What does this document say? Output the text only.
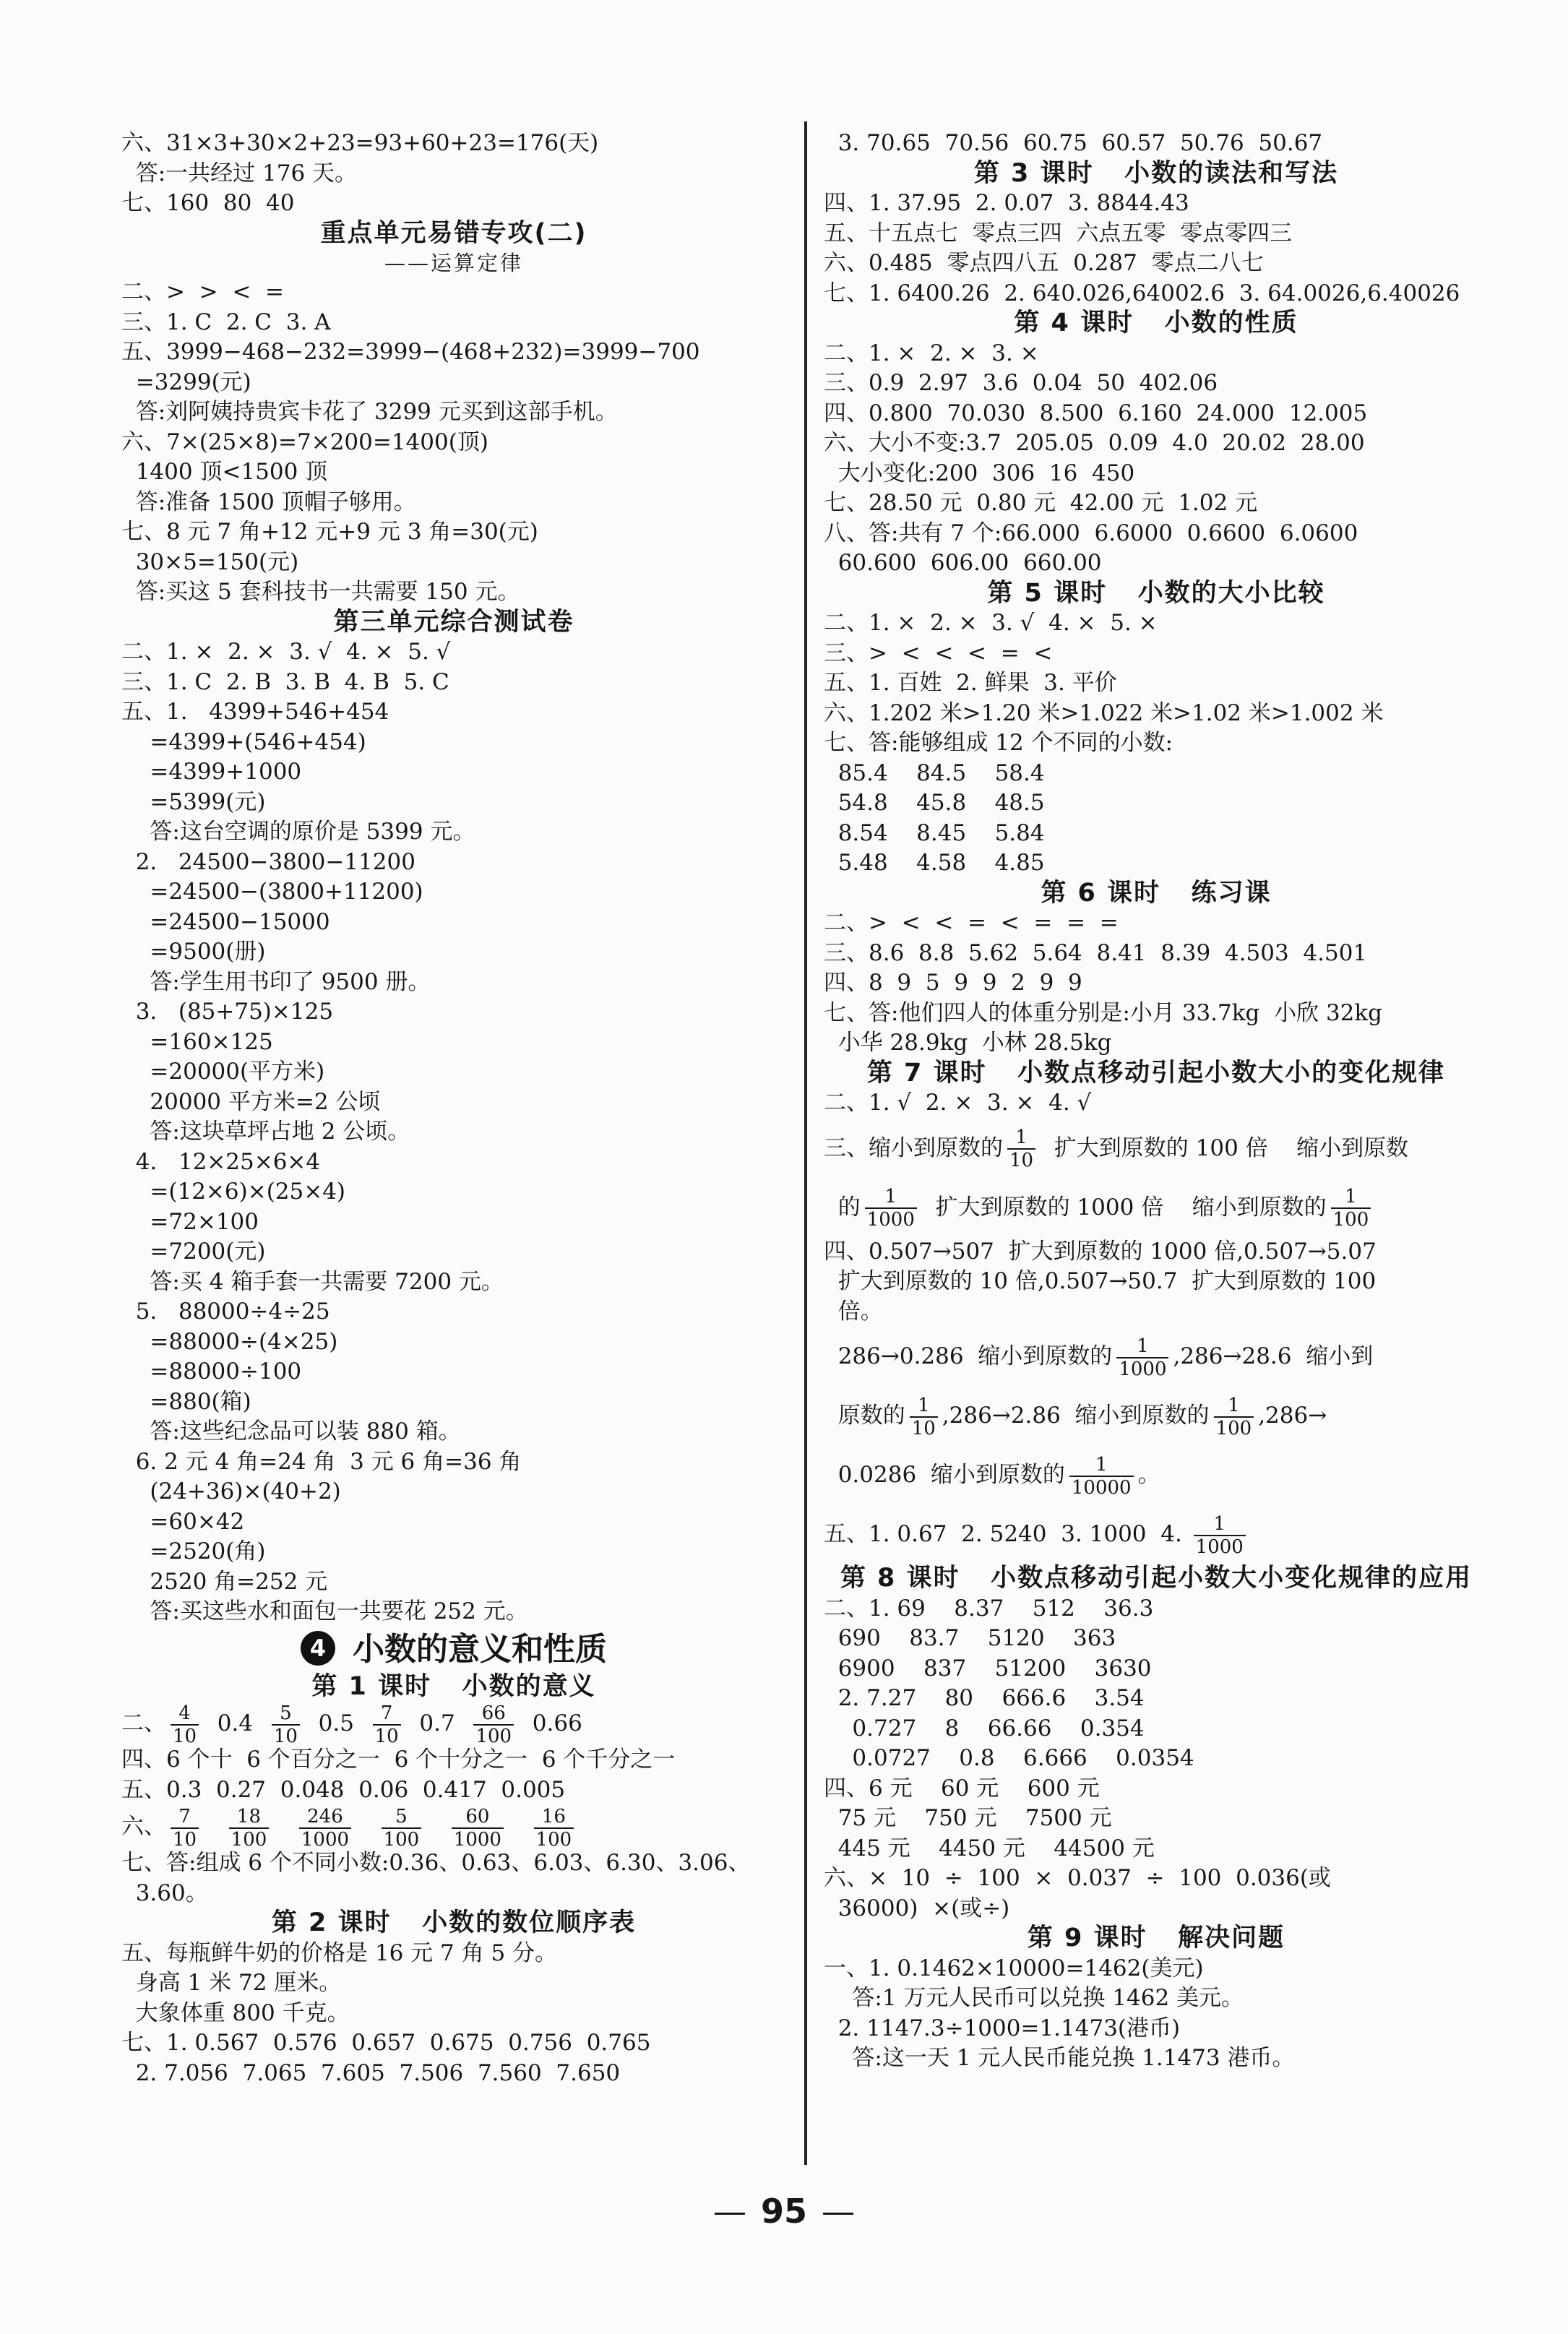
六、31×3+30×2+23=93+60+23=176(天)
答:一共经过 176 天。
七、160  80  40
重点单元易错专攻(二)
——运算定律
二、>  >  <  =
三、1. C  2. C  3. A
五、3999−468−232=3999−(468+232)=3999−700
=3299(元)
答:刘阿姨持贵宾卡花了 3299 元买到这部手机。
六、7×(25×8)=7×200=1400(顶)
1400 顶<1500 顶
答:准备 1500 顶帽子够用。
七、8 元 7 角+12 元+9 元 3 角=30(元)
30×5=150(元)
答:买这 5 套科技书一共需要 150 元。
第三单元综合测试卷
二、1. ×  2. ×  3. √  4. ×  5. √
三、1. C  2. B  3. B  4. B  5. C
五、1.   4399+546+454
=4399+(546+454)
=4399+1000
=5399(元)
答:这台空调的原价是 5399 元。
2.   24500−3800−11200
=24500−(3800+11200)
=24500−15000
=9500(册)
答:学生用书印了 9500 册。
3.   (85+75)×125
=160×125
=20000(平方米)
20000 平方米=2 公顷
答:这块草坪占地 2 公顷。
4.   12×25×6×4
=(12×6)×(25×4)
=72×100
=7200(元)
答:买 4 箱手套一共需要 7200 元。
5.   88000÷4÷25
=88000÷(4×25)
=88000÷100
=880(箱)
答:这些纪念品可以装 880 箱。
6. 2 元 4 角=24 角  3 元 6 角=36 角
(24+36)×(40+2)
=60×42
=2520(角)
2520 角=252 元
答:买这些水和面包一共要花 252 元。
4 小数的意义和性质
第 1 课时   小数的意义
二、 $\frac{4}{10} 0.4 \frac{5}{10} 0.5 \frac{7}{10} 0.7 \frac{66}{100} 0.66$
四、6 个十  6 个百分之一  6 个十分之一  6 个千分之一
五、0.3  0.27  0.048  0.06  0.417  0.005
六、 $\frac{7}{10}$
$\frac{18}{100}$
$\frac{246}{1000}$
$\frac{5}{100}$
$\frac{60}{1000}$
$\frac{16}{100}$
七、答:组成 6 个不同小数:0.36、0.63、6.03、6.30、3.06、
3.60。
第 2 课时   小数的数位顺序表
五、每瓶鲜牛奶的价格是 16 元 7 角 5 分。
身高 1 米 72 厘米。
大象体重 800 千克。
七、1. 0.567  0.576  0.657  0.675  0.756  0.765
2. 7.056  7.065  7.605  7.506  7.560  7.650
3. 70.65  70.56  60.75  60.57  50.76  50.67
第 3 课时   小数的读法和写法
四、1. 37.95  2. 0.07  3. 8844.43
五、十五点七  零点三四  六点五零  零点零四三
六、0.485  零点四八五  0.287  零点二八七
七、1. 6400.26  2. 640.026,64002.6  3. 64.0026,6.40026
第 4 课时   小数的性质
二、1. ×  2. ×  3. ×
三、0.9  2.97  3.6  0.04  50  402.06
四、0.800  70.030  8.500  6.160  24.000  12.005
六、大小不变:3.7  205.05  0.09  4.0  20.02  28.00
大小变化:200  306  16  450
七、28.50 元  0.80 元  42.00 元  1.02 元
八、答:共有 7 个:66.000  6.6000  0.6600  6.0600
60.600  606.00  660.00
第 5 课时   小数的大小比较
二、1. ×  2. ×  3. √  4. ×  5. ×
三、>  <  <  <  =  <
五、1. 百姓  2. 鲜果  3. 平价
六、1.202 米>1.20 米>1.022 米>1.02 米>1.002 米
七、答:能够组成 12 个不同的小数:
85.4    84.5    58.4
54.8    45.8    48.5
8.54    8.45    5.84
5.48    4.58    4.85
第 6 课时   练习课
二、>  <  <  =  <  =  =  =
三、8.6  8.8  5.62  5.64  8.41  8.39  4.503  4.501
四、8  9  5  9  9  2  9  9
七、答:他们四人的体重分别是:小月 33.7kg  小欣 32kg
小华 28.9kg  小林 28.5kg
第 7 课时   小数点移动引起小数大小的变化规律
二、1. √  2. ×  3. ×  4. √
三、缩小到原数的 $\frac{1}{10}$ 扩大到原数的 100 倍    缩小到原数
的 $\frac{1}{1000}$ 扩大到原数的 1000 倍    缩小到原数的 $\frac{1}{100}$
四、0.507→507  扩大到原数的 1000 倍,0.507→5.07
扩大到原数的 10 倍,0.507→50.7  扩大到原数的 100
倍。
286→0.286  缩小到原数的 $\frac{1}{1000} ,286\to 28.6$  缩小到
原数的 $\frac{1}{10} ,286\to 2.86$  缩小到原数的 $\frac{1}{100} ,286\to$
0.0286  缩小到原数的 $\frac{1}{10000}$ 。
五、1. 0.67  2. 5240  3. 1000  4. $\frac{1}{1000}$
第 8 课时   小数点移动引起小数大小变化规律的应用
二、1. 69    8.37    512    36.3
690    83.7    5120    363
6900    837    51200    3630
2. 7.27    80    666.6    3.54
0.727    8    66.66    0.354
0.0727    0.8    6.666    0.0354
四、6 元    60 元    600 元
75 元    750 元    7500 元
445 元    4450 元    44500 元
六、×  10  ÷  100  ×  0.037  ÷  100  0.036(或
36000)  ×(或÷)
第 9 课时   解决问题
一、1. 0.1462×10000=1462(美元)
答:1 万元人民币可以兑换 1462 美元。
2. 1147.3÷1000=1.1473(港币)
答:这一天 1 元人民币能兑换 1.1473 港币。
95
